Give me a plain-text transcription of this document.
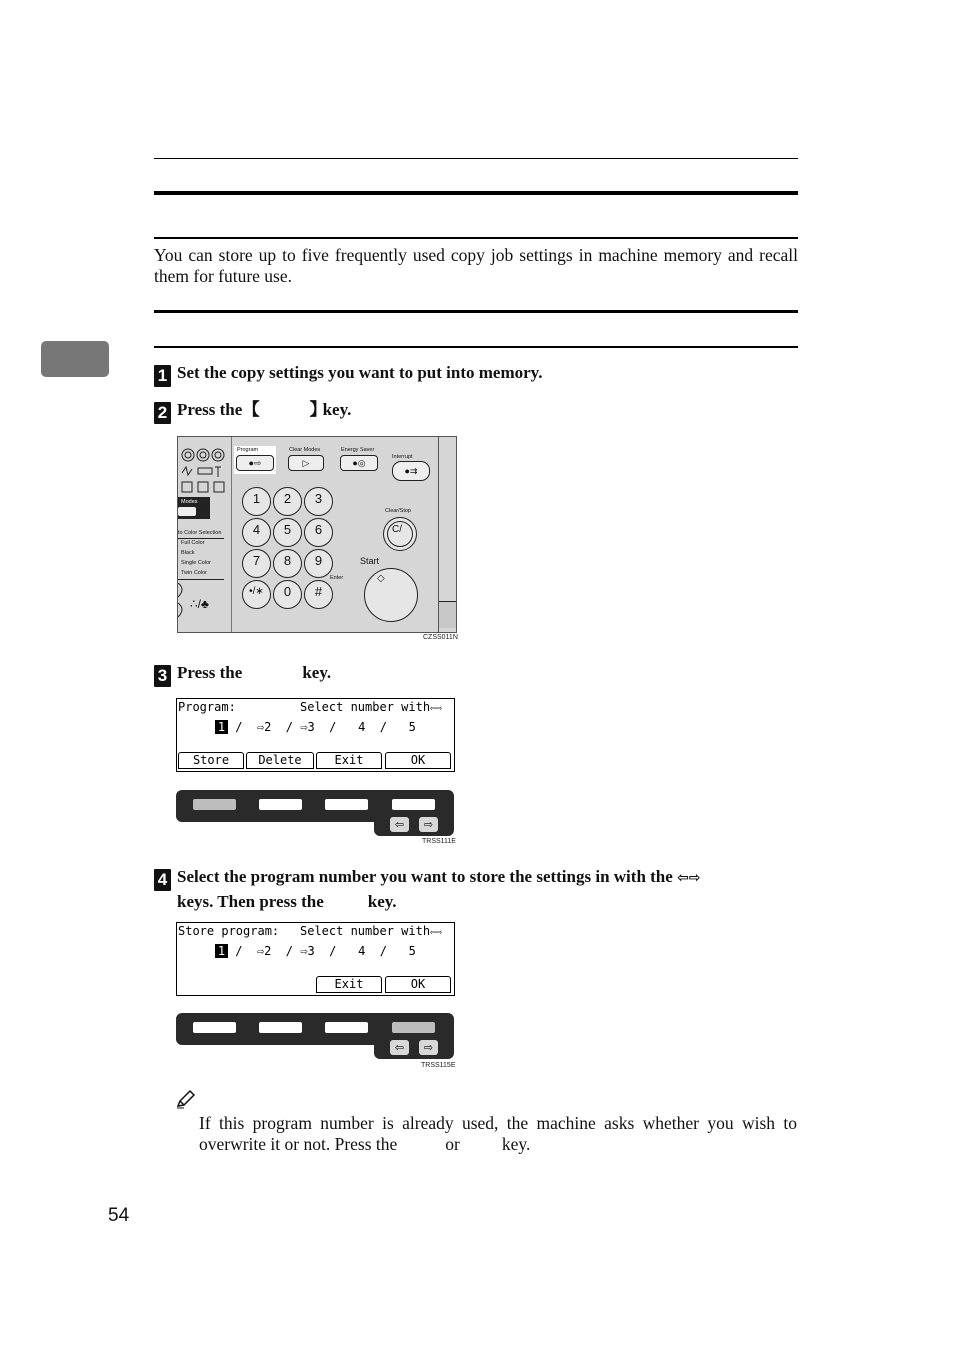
You can store up to five frequently used copy job settings in machine memory and recall them for future use.
1 Set the copy settings you want to put into memory.
2 Press the 【	】key.
Modes
to Color Selection
Full Color
Black
Single Color
Twin Color
∴/♣
Program
●⇨
Clear Modes
▷
Energy Saver
●◎
Interrupt
●⇉
1	2	3
4	5	6
7	8	9
•/∗	0	#
Enter
Clear/Stop
C/
Start
◇
CZSS011N
3 Press the	key.
Program:	Select number with⇦⇨
1 /  ⇨2  / ⇨3  /   4  /   5
Store	Delete	Exit	OK
⇦	⇨
TRSS111E
4 Select the program number you want to store the settings in with the ⇦⇨
keys. Then press the	key.
Store program: Select number with⇦⇨
1 /  ⇨2  / ⇨3  /   4  /   5
Exit	OK
⇦	⇨
TRSS115E
If this program number is already used, the machine asks whether you wish to overwrite it or not. Press the	or key.
54
